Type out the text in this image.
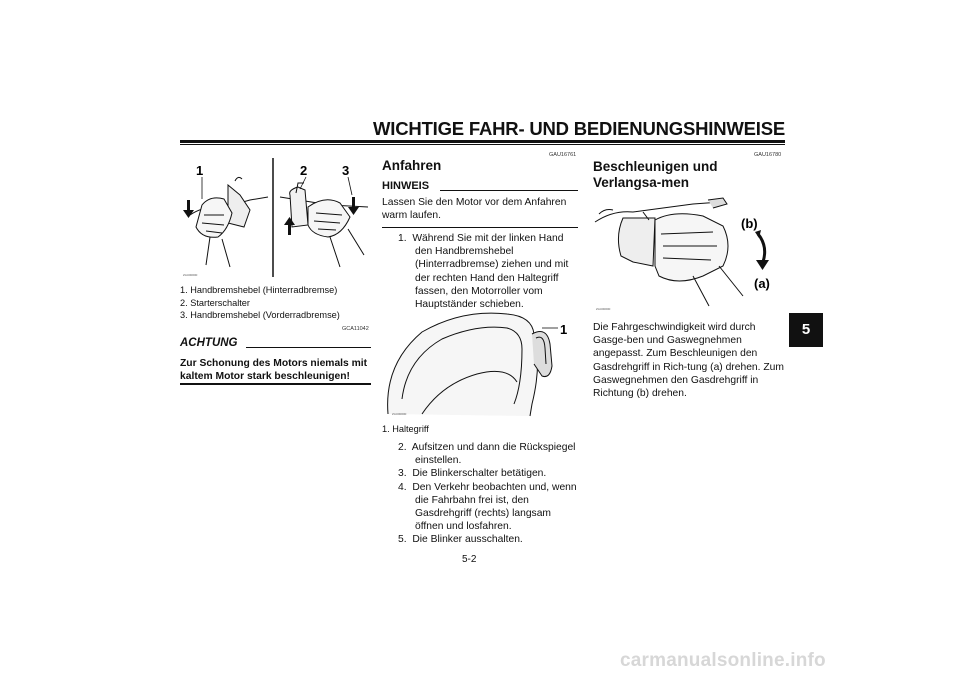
WICHTIGE FAHR- UND BEDIENUNGSHINWEISE
5
1	2	3
ZAU00000
1. Handbremshebel (Hinterradbremse)
2. Starterschalter
3. Handbremshebel (Vorderradbremse)
GCA11042
ACHTUNG
Zur Schonung des Motors niemals mit kaltem Motor stark beschleunigen!
GAU16761
Anfahren
HINWEIS
Lassen Sie den Motor vor dem Anfahren warm laufen.
1. Während Sie mit der linken Hand den Handbremshebel (Hinterradbremse) ziehen und mit der rechten Hand den Haltegriff fassen, den Motorroller vom Hauptständer schieben.
1
ZAU00000
1. Haltegriff
2. Aufsitzen und dann die Rückspiegel einstellen.
3. Die Blinkerschalter betätigen.
4. Den Verkehr beobachten und, wenn die Fahrbahn frei ist, den Gasdrehgriff (rechts) langsam öffnen und losfahren.
5. Die Blinker ausschalten.
GAU16780
Beschleunigen und Verlangsa-men
(b)
(a)
ZAU00000
Die Fahrgeschwindigkeit wird durch Gasge-ben und Gaswegnehmen angepasst. Zum Beschleunigen den Gasdrehgriff in Rich-tung (a) drehen. Zum Gaswegnehmen den Gasdrehgriff in Richtung (b) drehen.
5-2
carmanualsonline.info
